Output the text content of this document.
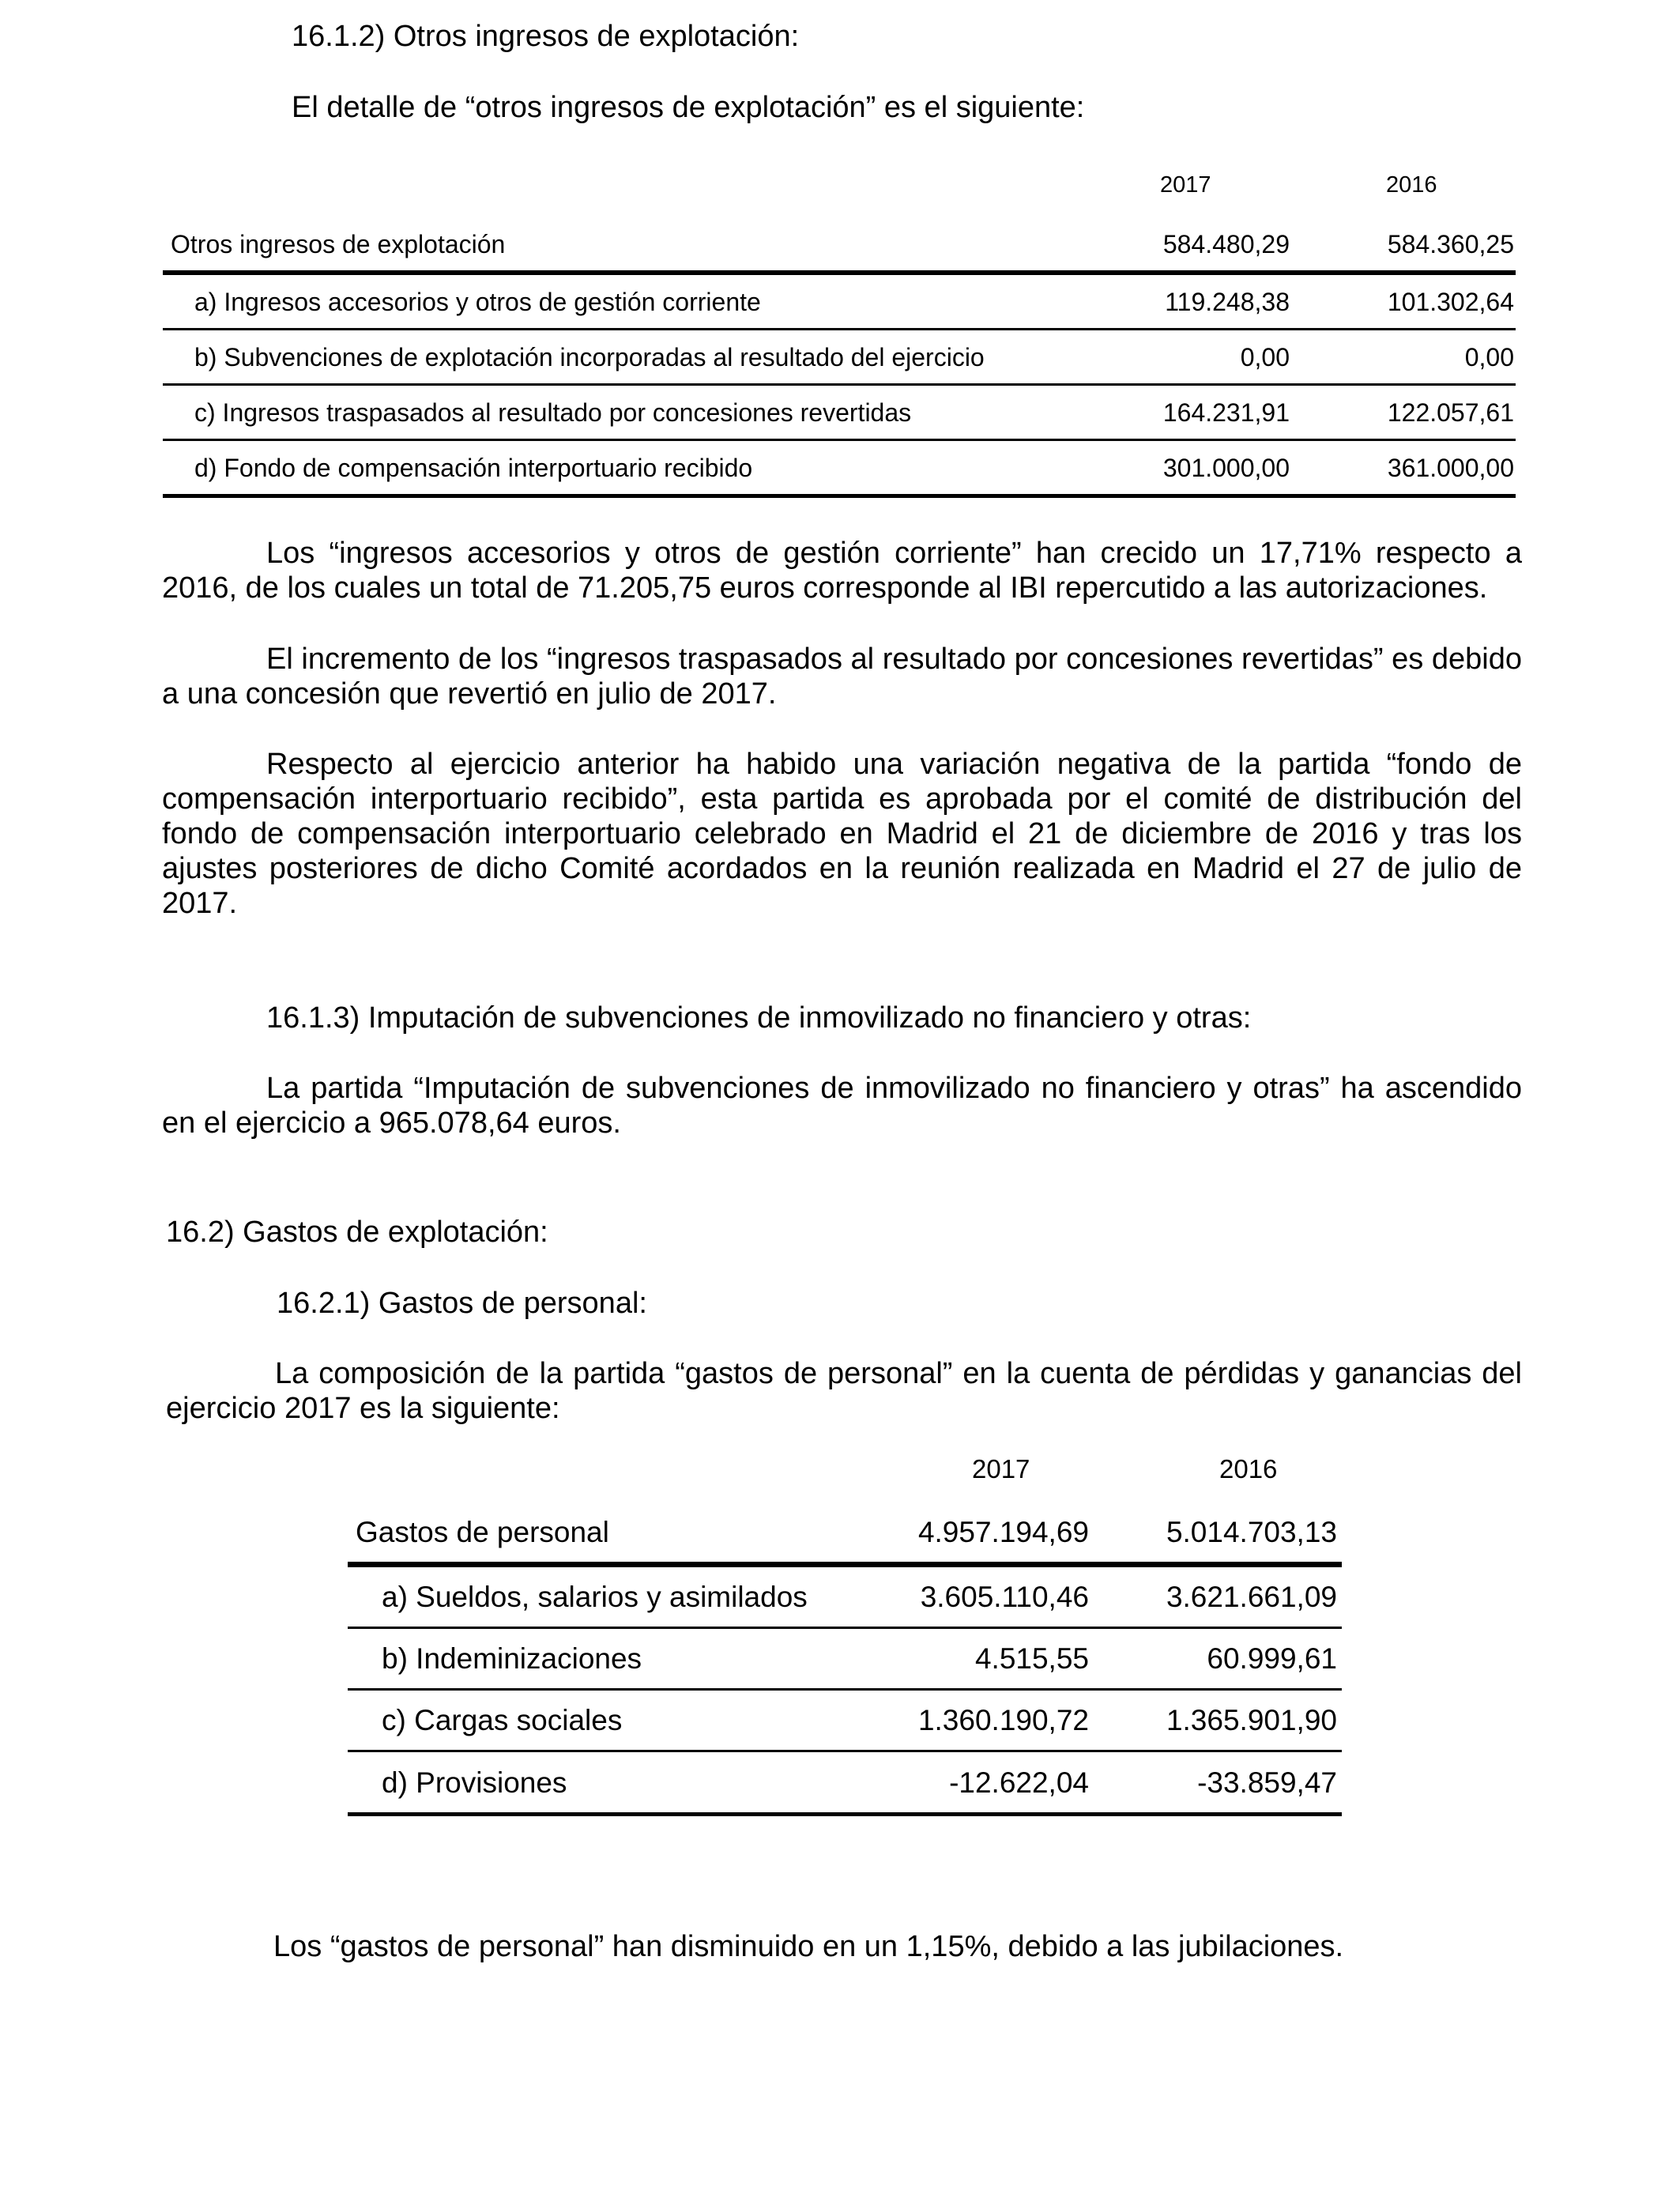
16.1.2) Otros ingresos de explotación:
El detalle de “otros ingresos de explotación” es el siguiente:
2017	2016
Otros ingresos de explotación	584.480,29	584.360,25
a) Ingresos accesorios y otros de gestión corriente	119.248,38	101.302,64
b) Subvenciones de explotación incorporadas al resultado del ejercicio	0,00	0,00
c) Ingresos traspasados al resultado por concesiones revertidas	164.231,91	122.057,61
d) Fondo de compensación interportuario recibido	301.000,00	361.000,00

Los “ingresos accesorios y otros de gestión corriente” han crecido un 17,71% respecto a 2016, de los cuales un total de 71.205,75 euros corresponde al IBI repercutido a las autorizaciones.

El incremento de los “ingresos traspasados al resultado por concesiones revertidas” es debido a una concesión que revertió en julio de 2017.

Respecto al ejercicio anterior ha habido una variación negativa de la partida “fondo de compensación interportuario recibido”, esta partida es aprobada por el comité de distribución del fondo de compensación interportuario celebrado en Madrid el 21 de diciembre de 2016 y tras los ajustes posteriores de dicho Comité acordados en la reunión realizada en Madrid el 27 de julio de 2017.

16.1.3) Imputación de subvenciones de inmovilizado no financiero y otras:

La partida “Imputación de subvenciones de inmovilizado no financiero y otras” ha ascendido en el ejercicio a 965.078,64 euros.

16.2) Gastos de explotación:
16.2.1) Gastos de personal:

La composición de la partida “gastos de personal” en la cuenta de pérdidas y ganancias del ejercicio 2017 es la siguiente:

2017	2016
Gastos de personal	4.957.194,69	5.014.703,13
a) Sueldos, salarios y asimilados	3.605.110,46	3.621.661,09
b) Indeminizaciones	4.515,55	60.999,61
c) Cargas sociales	1.360.190,72	1.365.901,90
d) Provisiones	-12.622,04	-33.859,47
Los “gastos de personal” han disminuido en un 1,15%, debido a las jubilaciones.
